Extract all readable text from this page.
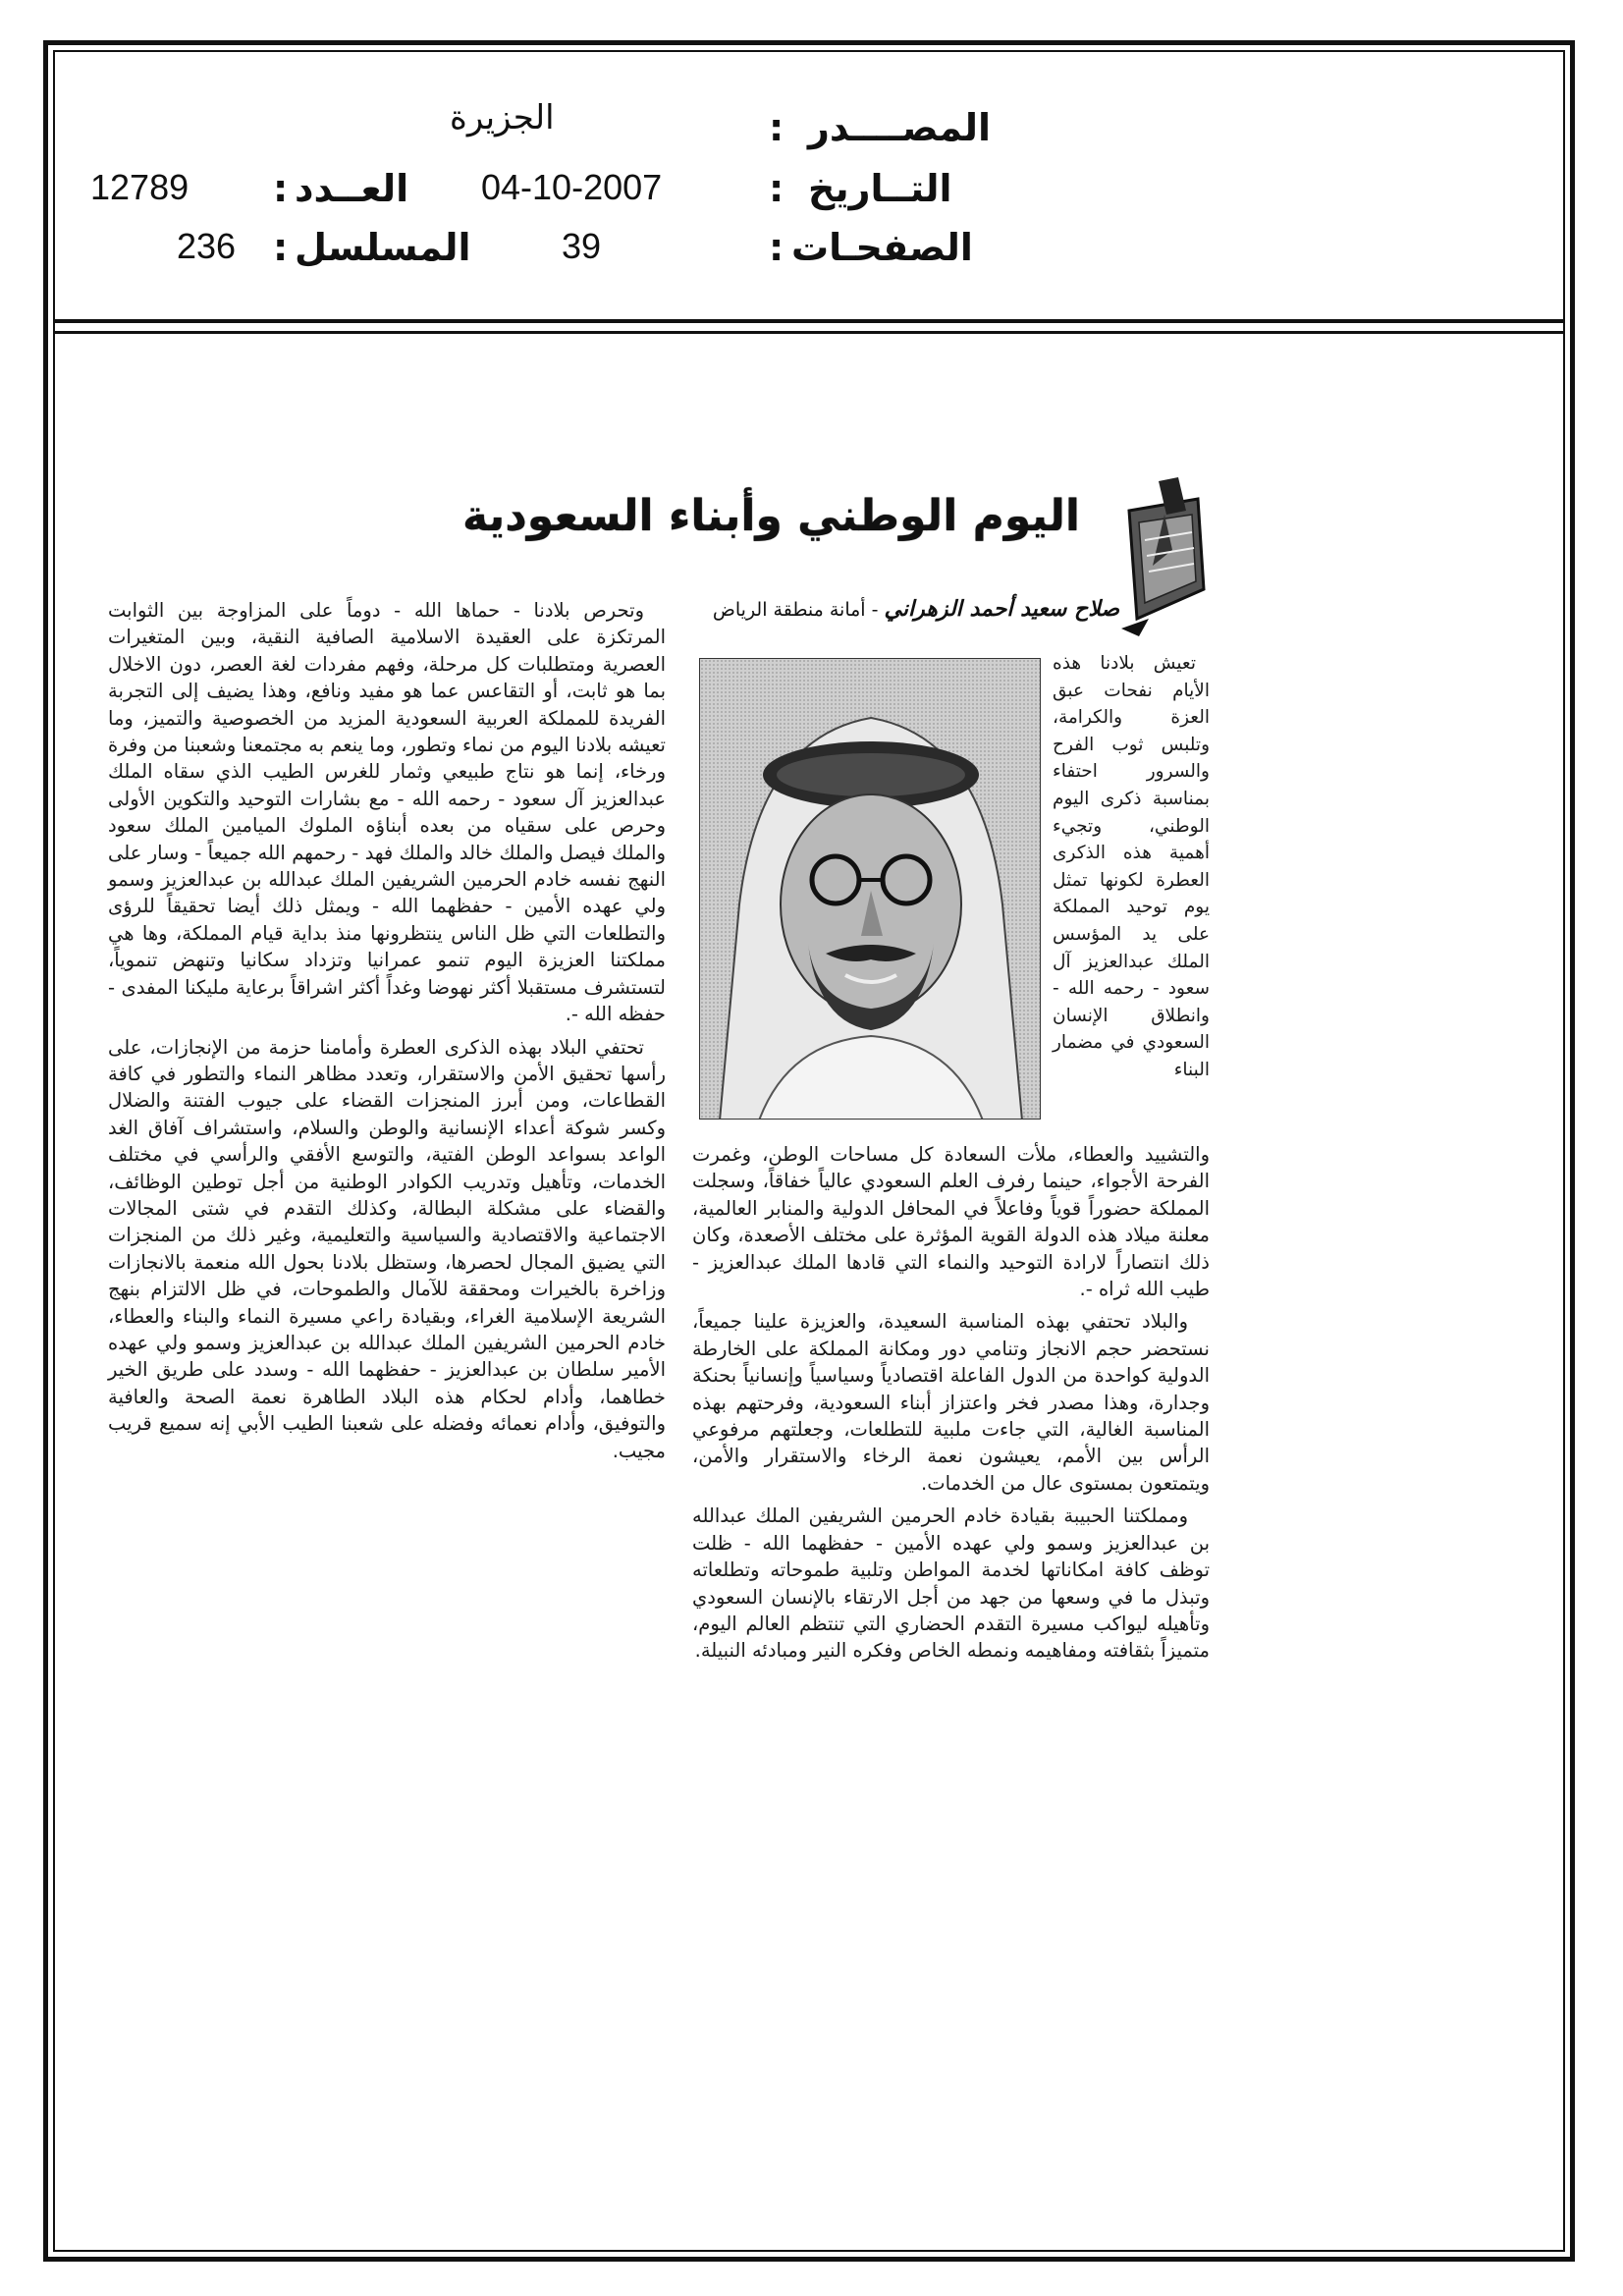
المصــــدر
:
الجزيرة
التــاريخ
:
04-10-2007
العــدد
:
12789
الصفحـات
:
39
المسلسل
:
236
اليوم الوطني وأبناء السعودية
صلاح سعيد أحمد الزهراني - أمانة منطقة الرياض

تعيش بلادنا هذه الأيام نفحات عبق العزة والكرامة، وتلبس ثوب الفرح والسرور احتفاء بمناسبة ذكرى اليوم الوطني، وتجيء أهمية هذه الذكرى العطرة لكونها تمثل يوم توحيد المملكة على يد المؤسس الملك عبدالعزيز آل سعود - رحمه الله - وانطلاق الإنسان السعودي في مضمار البناء

والتشييد والعطاء، ملأت السعادة كل مساحات الوطن، وغمرت الفرحة الأجواء، حينما رفرف العلم السعودي عالياً خفاقاً، وسجلت المملكة حضوراً قوياً وفاعلاً في المحافل الدولية والمنابر العالمية، معلنة ميلاد هذه الدولة القوية المؤثرة على مختلف الأصعدة، وكان ذلك انتصاراً لارادة التوحيد والنماء التي قادها الملك عبدالعزيز - طيب الله ثراه -.

والبلاد تحتفي بهذه المناسبة السعيدة، والعزيزة علينا جميعاً، نستحضر حجم الانجاز وتنامي دور ومكانة المملكة على الخارطة الدولية كواحدة من الدول الفاعلة اقتصادياً وسياسياً وإنسانياً بحنكة وجدارة، وهذا مصدر فخر واعتزاز أبناء السعودية، وفرحتهم بهذه المناسبة الغالية، التي جاءت ملبية للتطلعات، وجعلتهم مرفوعي الرأس بين الأمم، يعيشون نعمة الرخاء والاستقرار والأمن، ويتمتعون بمستوى عال من الخدمات.

ومملكتنا الحبيبة بقيادة خادم الحرمين الشريفين الملك عبدالله بن عبدالعزيز وسمو ولي عهده الأمين - حفظهما الله - ظلت توظف كافة امكاناتها لخدمة المواطن وتلبية طموحاته وتطلعاته وتبذل ما في وسعها من جهد من أجل الارتقاء بالإنسان السعودي وتأهيله ليواكب مسيرة التقدم الحضاري التي تنتظم العالم اليوم، متميزاً بثقافته ومفاهيمه ونمطه الخاص وفكره النير ومبادئه النبيلة.

وتحرص بلادنا - حماها الله - دوماً على المزاوجة بين الثوابت المرتكزة على العقيدة الاسلامية الصافية النقية، وبين المتغيرات العصرية ومتطلبات كل مرحلة، وفهم مفردات لغة العصر، دون الاخلال بما هو ثابت، أو التقاعس عما هو مفيد ونافع، وهذا يضيف إلى التجربة الفريدة للمملكة العربية السعودية المزيد من الخصوصية والتميز، وما تعيشه بلادنا اليوم من نماء وتطور، وما ينعم به مجتمعنا وشعبنا من وفرة ورخاء، إنما هو نتاج طبيعي وثمار للغرس الطيب الذي سقاه الملك عبدالعزيز آل سعود - رحمه الله - مع بشارات التوحيد والتكوين الأولى وحرص على سقياه من بعده أبناؤه الملوك الميامين الملك سعود والملك فيصل والملك خالد والملك فهد - رحمهم الله جميعاً - وسار على النهج نفسه خادم الحرمين الشريفين الملك عبدالله بن عبدالعزيز وسمو ولي عهده الأمين - حفظهما الله - ويمثل ذلك أيضا تحقيقاً للرؤى والتطلعات التي ظل الناس ينتظرونها منذ بداية قيام المملكة، وها هي مملكتنا العزيزة اليوم تنمو عمرانيا وتزداد سكانيا وتنهض تنموياً، لتستشرف مستقبلا أكثر نهوضا وغداً أكثر اشراقاً برعاية مليكنا المفدى - حفظه الله -.

تحتفي البلاد بهذه الذكرى العطرة وأمامنا حزمة من الإنجازات، على رأسها تحقيق الأمن والاستقرار، وتعدد مظاهر النماء والتطور في كافة القطاعات، ومن أبرز المنجزات القضاء على جيوب الفتنة والضلال وكسر شوكة أعداء الإنسانية والوطن والسلام، واستشراف آفاق الغد الواعد بسواعد الوطن الفتية، والتوسع الأفقي والرأسي في مختلف الخدمات، وتأهيل وتدريب الكوادر الوطنية من أجل توطين الوظائف، والقضاء على مشكلة البطالة، وكذلك التقدم في شتى المجالات الاجتماعية والاقتصادية والسياسية والتعليمية، وغير ذلك من المنجزات التي يضيق المجال لحصرها، وستظل بلادنا بحول الله منعمة بالانجازات وزاخرة بالخيرات ومحققة للآمال والطموحات، في ظل الالتزام بنهج الشريعة الإسلامية الغراء، وبقيادة راعي مسيرة النماء والبناء والعطاء، خادم الحرمين الشريفين الملك عبدالله بن عبدالعزيز وسمو ولي عهده الأمير سلطان بن عبدالعزيز - حفظهما الله - وسدد على طريق الخير خطاهما، وأدام لحكام هذه البلاد الطاهرة نعمة الصحة والعافية والتوفيق، وأدام نعمائه وفضله على شعبنا الطيب الأبي إنه سميع قريب مجيب.
